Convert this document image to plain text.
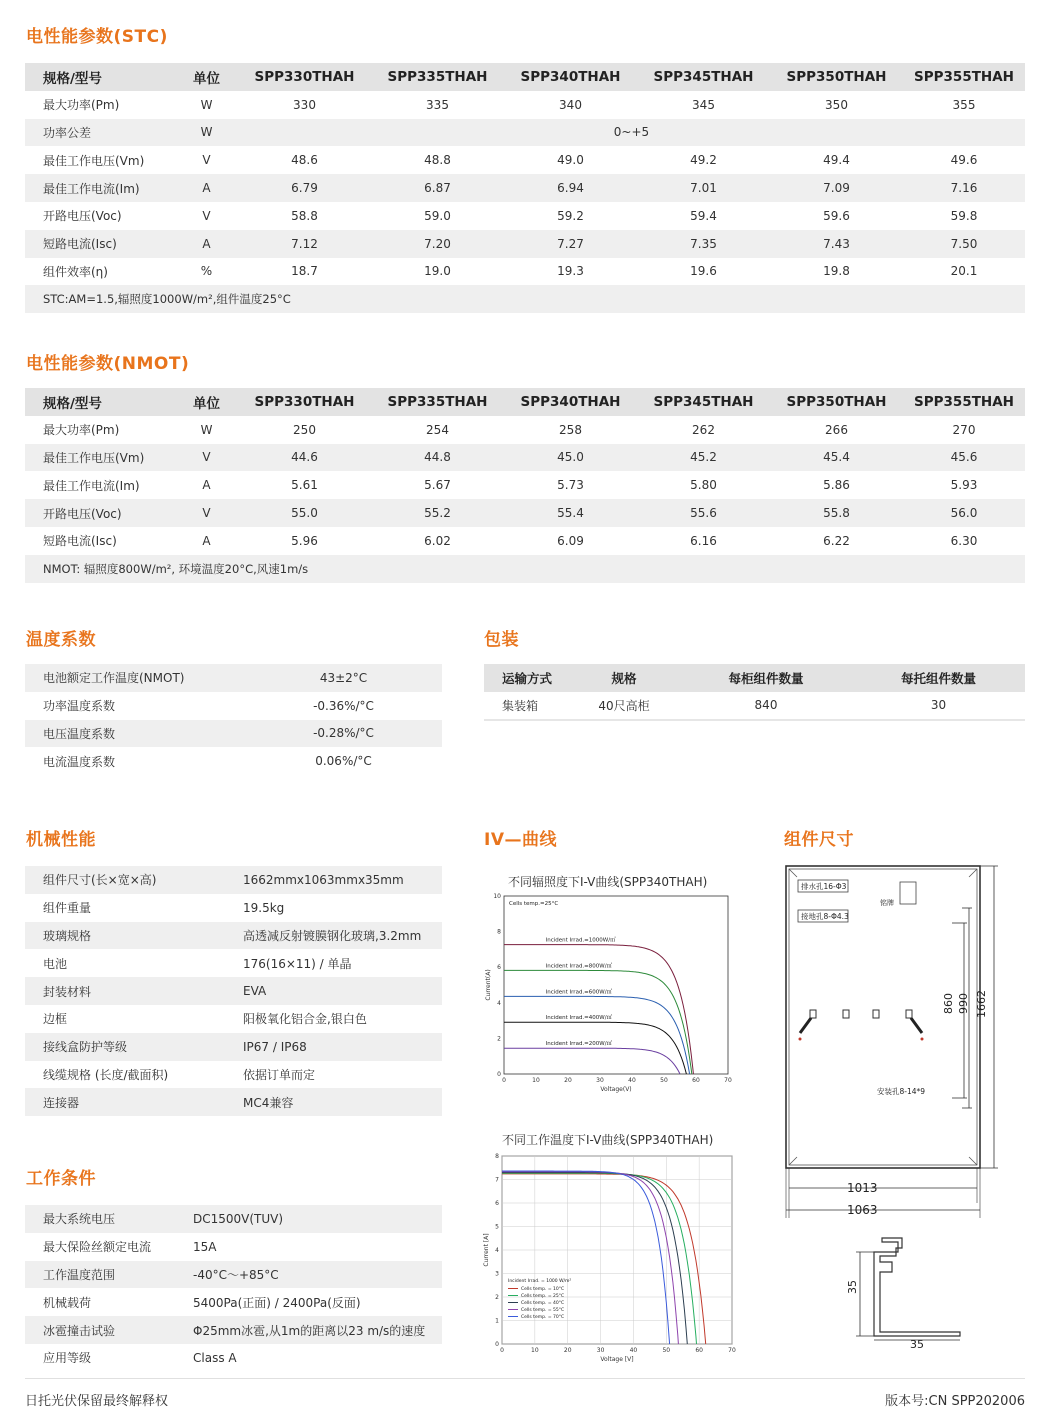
电性能参数(STC)
规格/型号	单位	SPP330THAH	SPP335THAH	SPP340THAH	SPP345THAH	SPP350THAH	SPP355THAH
最大功率(Pm)	W	330	335	340	345	350	355
功率公差	W	0~+5					
最佳工作电压(Vm)	V	48.6	48.8	49.0	49.2	49.4	49.6
最佳工作电流(Im)	A	6.79	6.87	6.94	7.01	7.09	7.16
开路电压(Voc)	V	58.8	59.0	59.2	59.4	59.6	59.8
短路电流(Isc)	A	7.12	7.20	7.27	7.35	7.43	7.50
组件效率(η)	%	18.7	19.0	19.3	19.6	19.8	20.1
STC:AM=1.5,辐照度1000W/m²,组件温度25°C							
电性能参数(NMOT)
规格/型号	单位	SPP330THAH	SPP335THAH	SPP340THAH	SPP345THAH	SPP350THAH	SPP355THAH
最大功率(Pm)	W	250	254	258	262	266	270
最佳工作电压(Vm)	V	44.6	44.8	45.0	45.2	45.4	45.6
最佳工作电流(Im)	A	5.61	5.67	5.73	5.80	5.86	5.93
开路电压(Voc)	V	55.0	55.2	55.4	55.6	55.8	56.0
短路电流(Isc)	A	5.96	6.02	6.09	6.16	6.22	6.30
NMOT: 辐照度800W/m², 环境温度20°C,风速1m/s							
温度系数
电池额定工作温度(NMOT)	43±2°C
功率温度系数	-0.36%/°C
电压温度系数	-0.28%/°C
电流温度系数	0.06%/°C
包装
运输方式	规格	每柜组件数量	每托组件数量
集装箱	40尺高柜	840	30
机械性能
组件尺寸(长×宽×高)	1662mmx1063mmx35mm
组件重量	19.5kg
玻璃规格	高透减反射镀膜钢化玻璃,3.2mm
电池	176(16×11) / 单晶
封装材料	EVA
边框	阳极氧化铝合金,银白色
接线盒防护等级	IP67 / IP68
线缆规格 (长度/截面积)	依据订单而定
连接器	MC4兼容
工作条件
最大系统电压	DC1500V(TUV)
最大保险丝额定电流	15A
工作温度范围	-40°C～+85°C
机械载荷	5400Pa(正面) / 2400Pa(反面)
冰雹撞击试验	Φ25mm冰雹,从1m的距离以23 m/s的速度
应用等级	Class A
IV—曲线
不同辐照度下I-V曲线(SPP340THAH)
0	10	20	30	40	50	60	70
0
2
4
6
8
10
Voltage(V)
Current(A)
Incident Irrad.=1000W/㎡
Incident Irrad.=800W/㎡
Incident Irrad.=600W/㎡
Incident Irrad.=400W/㎡
Incident Irrad.=200W/㎡
Cells temp.=25°C
不同工作温度下I-V曲线(SPP340THAH)
0	10	20	30	40	50	60	70
0
1
2
3
4
5
6
7
8
Voltage [V]
Current [A]
Incident Irrad. = 1000 W/m²
Cells temp. = 10°C
Cells temp. = 25°C
Cells temp. = 40°C
Cells temp. = 55°C
Cells temp. = 70°C
组件尺寸
排水孔16-Φ3
接地孔8-Φ4.3
铭牌
安装孔8-14*9
860 990 1662
1013
1063
35
35
日托光伏保留最终解释权	版本号:CN SPP202006
